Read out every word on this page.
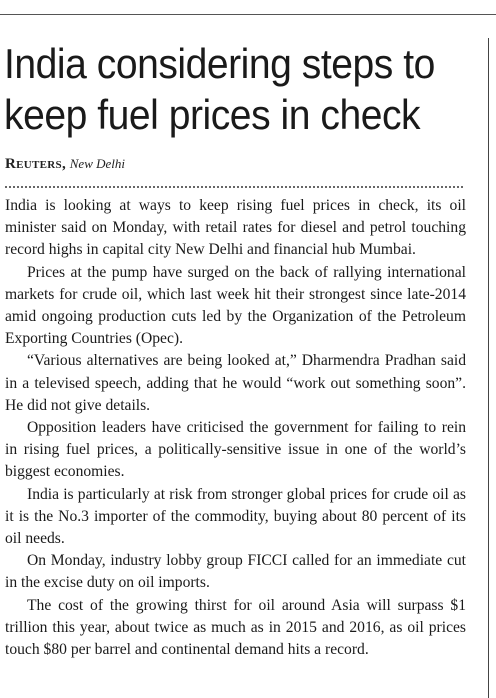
India considering steps to keep fuel prices in check
Reuters, New Delhi

India is looking at ways to keep rising fuel prices in check, its oil minister said on Monday, with retail rates for diesel and petrol touching record highs in capital city New Delhi and financial hub Mumbai.

Prices at the pump have surged on the back of rallying international markets for crude oil, which last week hit their strongest since late-2014 amid ongoing production cuts led by the Organization of the Petroleum Exporting Countries (Opec).

“Various alternatives are being looked at,” Dharmendra Pradhan said in a televised speech, adding that he would “work out something soon”. He did not give details.

Opposition leaders have criticised the government for failing to rein in rising fuel prices, a politically-sensitive issue in one of the world’s biggest economies.

India is particularly at risk from stronger global prices for crude oil as it is the No.3 importer of the commodity, buying about 80 percent of its oil needs.

On Monday, industry lobby group FICCI called for an immediate cut in the excise duty on oil imports.

The cost of the growing thirst for oil around Asia will surpass $1 trillion this year, about twice as much as in 2015 and 2016, as oil prices touch $80 per barrel and continental demand hits a record.
